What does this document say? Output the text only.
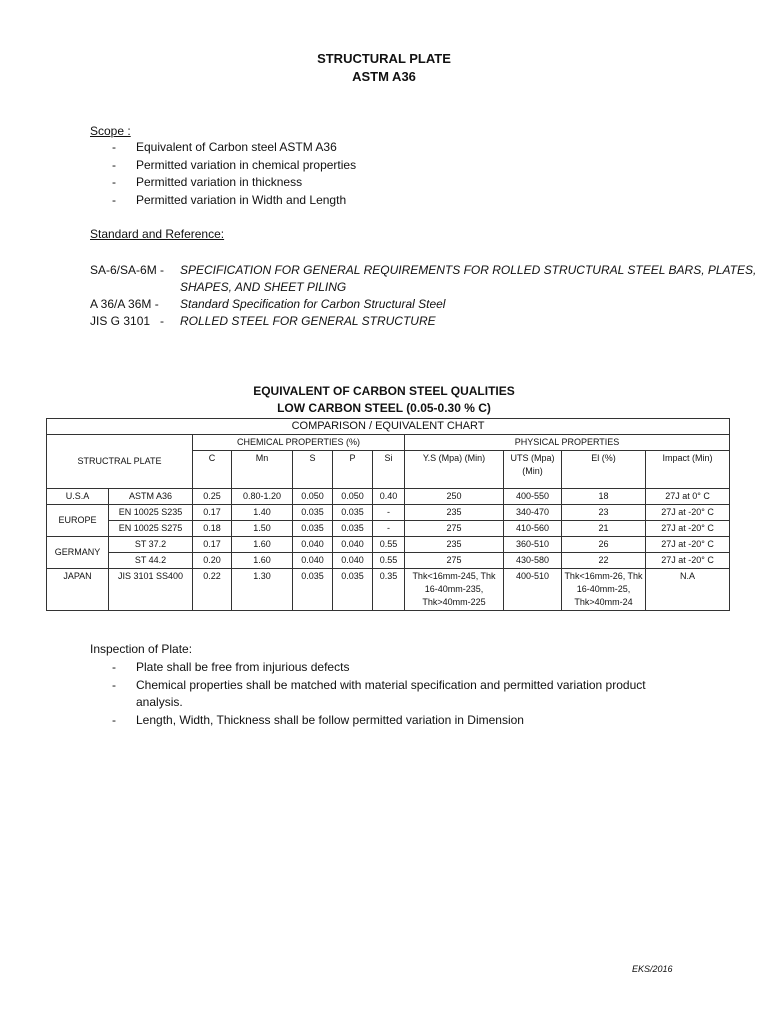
STRUCTURAL PLATE
ASTM A36
Scope :
- Equivalent of Carbon steel ASTM A36
- Permitted variation in chemical properties
- Permitted variation in thickness
- Permitted variation in Width and Length
Standard and Reference:
SA-6/SA-6M - SPECIFICATION FOR GENERAL REQUIREMENTS FOR ROLLED STRUCTURAL STEEL BARS, PLATES, SHAPES, AND SHEET PILING
A 36/A 36M - Standard Specification for Carbon Structural Steel
JIS G 3101   - ROLLED STEEL FOR GENERAL STRUCTURE
EQUIVALENT OF CARBON STEEL QUALITIES
LOW CARBON STEEL (0.05-0.30 % C)
COMPARISON / EQUIVALENT CHART										
STRUCTRAL PLATE		CHEMICAL PROPERTIES (%)					PHYSICAL PROPERTIES			
		C	Mn	S	P	Si	Y.S (Mpa) (Min)	UTS (Mpa) (Min)	El (%)	Impact (Min)
U.S.A	ASTM A36	0.25	0.80-1.20	0.050	0.050	0.40	250	400-550	18	27J at 0° C
EUROPE	EN 10025 S235	0.17	1.40	0.035	0.035	-	235	340-470	23	27J at -20° C
	EN 10025 S275	0.18	1.50	0.035	0.035	-	275	410-560	21	27J at -20° C
GERMANY	ST 37.2	0.17	1.60	0.040	0.040	0.55	235	360-510	26	27J at -20° C
	ST 44.2	0.20	1.60	0.040	0.040	0.55	275	430-580	22	27J at -20° C
JAPAN	JIS 3101 SS400	0.22	1.30	0.035	0.035	0.35	Thk<16mm-245, Thk 16-40mm-235, Thk>40mm-225	400-510	Thk<16mm-26, Thk 16-40mm-25, Thk>40mm-24	N.A
Inspection of Plate:
- Plate shall be free from injurious defects
- Chemical properties shall be matched with material specification and permitted variation product analysis.
- Length, Width, Thickness shall be follow permitted variation in Dimension
EKS/2016
